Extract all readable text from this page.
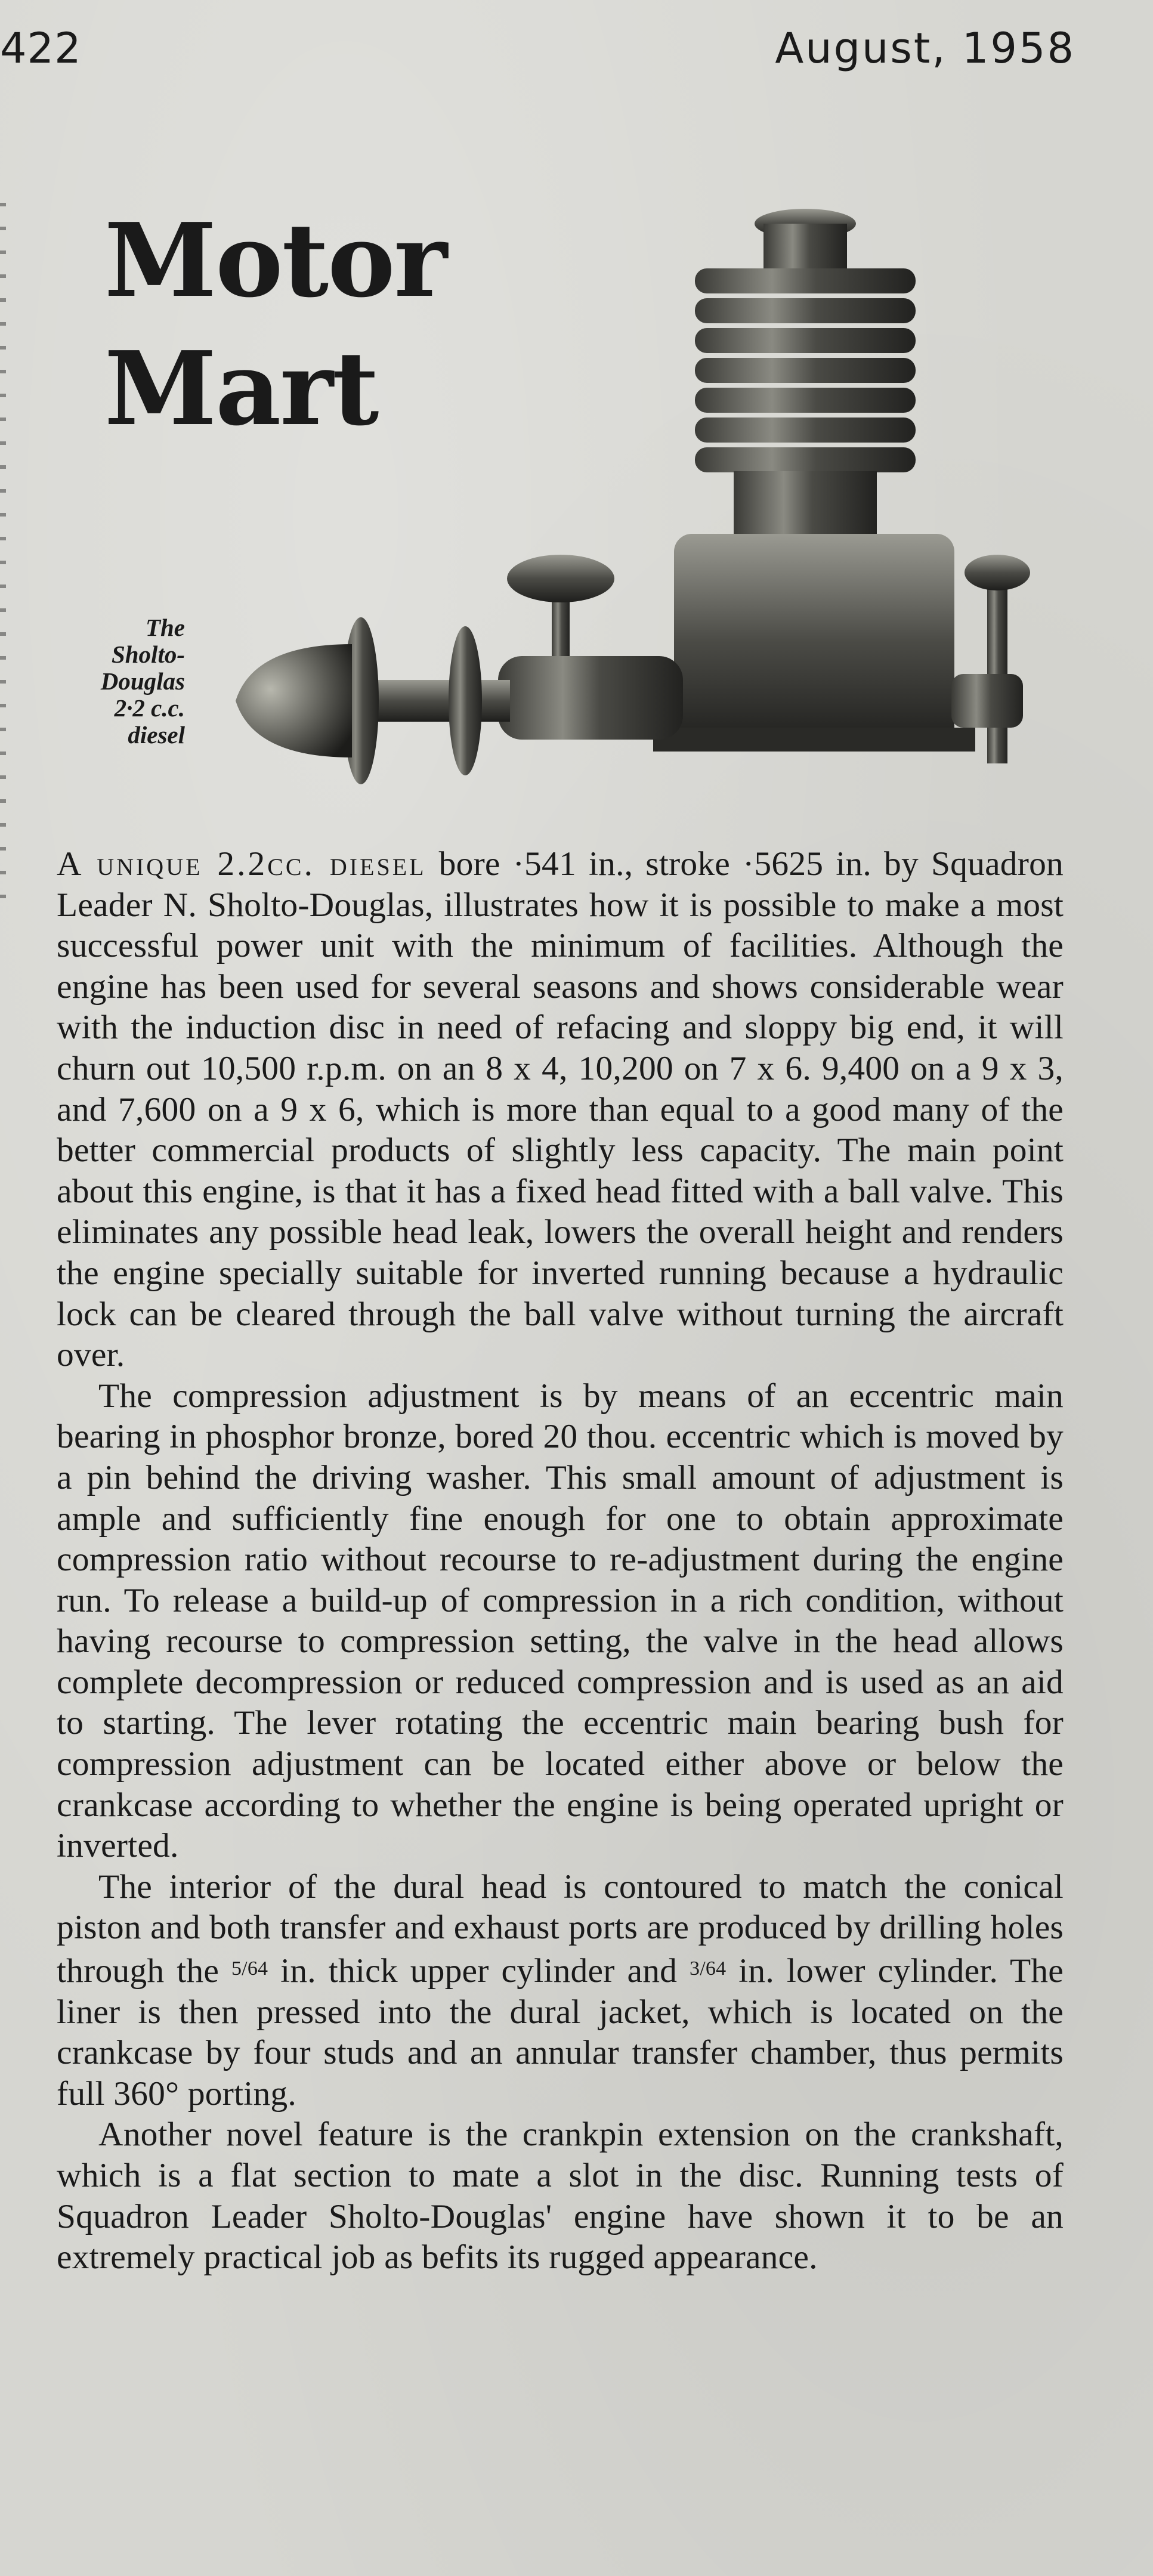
422	August, 1958
Motor
Mart
The
Sholto-
Douglas
2·2 c.c.
diesel

A unique 2.2cc. diesel bore ·541 in., stroke ·5625 in. by Squadron Leader N. Sholto-Douglas, illustrates how it is possible to make a most successful power unit with the minimum of facilities. Although the engine has been used for several seasons and shows considerable wear with the induction disc in need of refacing and sloppy big end, it will churn out 10,500 r.p.m. on an 8 x 4, 10,200 on 7 x 6. 9,400 on a 9 x 3, and 7,600 on a 9 x 6, which is more than equal to a good many of the better commercial products of slightly less capacity. The main point about this engine, is that it has a fixed head fitted with a ball valve. This eliminates any possible head leak, lowers the overall height and renders the engine specially suitable for inverted running because a hydraulic lock can be cleared through the ball valve without turning the aircraft over.

The compression adjustment is by means of an eccentric main bearing in phosphor bronze, bored 20 thou. eccentric which is moved by a pin behind the driving washer. This small amount of adjustment is ample and sufficiently fine enough for one to obtain approximate compression ratio without recourse to re-adjustment during the engine run. To release a build-up of compression in a rich condition, without having recourse to compression setting, the valve in the head allows complete decompression or reduced compression and is used as an aid to starting. The lever rotating the eccentric main bearing bush for compression adjustment can be located either above or below the crankcase according to whether the engine is being operated upright or inverted.

The interior of the dural head is contoured to match the conical piston and both transfer and exhaust ports are produced by drilling holes through the $^{5/64}$ in. thick upper cylinder and $^{3/64}$ in. lower cylinder. The liner is then pressed into the dural jacket, which is located on the crankcase by four studs and an annular transfer chamber, thus permits full 360° porting.

Another novel feature is the crankpin extension on the crankshaft, which is a flat section to mate a slot in the disc. Running tests of Squadron Leader Sholto-Douglas' engine have shown it to be an extremely practical job as befits its rugged appearance.
